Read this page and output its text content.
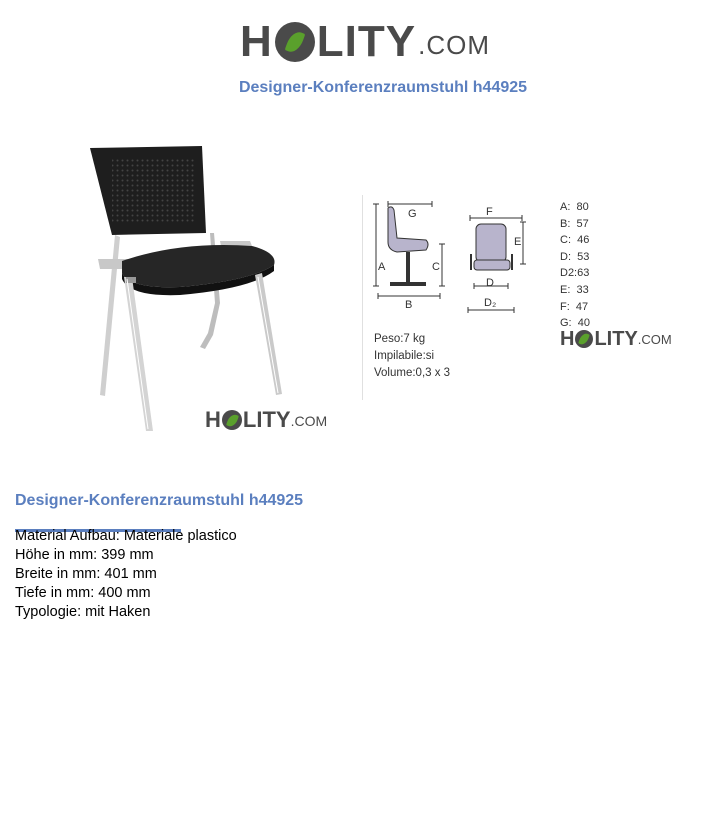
H LITY .COM
Designer-Konferenzraumstuhl h44925
G
A	C
B
F
E
D
D₂
A: 80
B: 57
C: 46
D: 53
D2:63
E: 33
F: 47
G: 40
Peso:7 kg
Impilabile:si
Volume:0,3 x 3
H LITY .COM
H LITY .COM
Designer-Konferenzraumstuhl h44925
Material Aufbau: Materiale plastico
Höhe in mm: 399 mm
Breite in mm: 401 mm
Tiefe in mm: 400 mm
Typologie: mit Haken
